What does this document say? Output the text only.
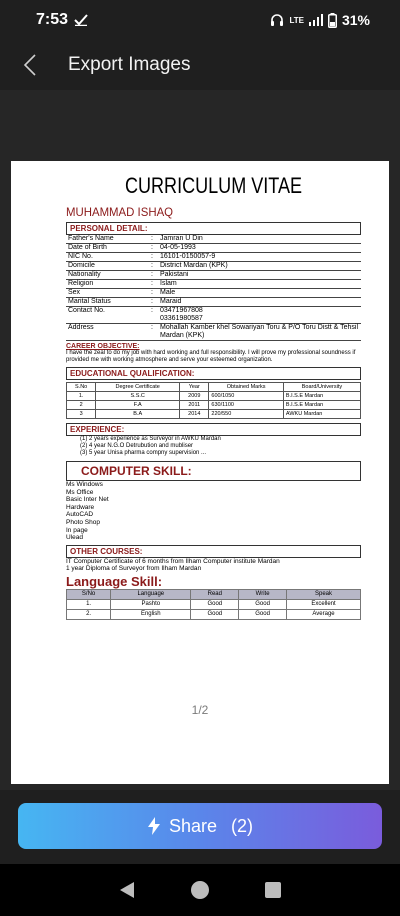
7:53	LTE	31%
Export Images
CURRICULUM VITAE
MUHAMMAD ISHAQ
PERSONAL DETAIL:
Father's Name	:	Jamran U Din
Date of Birth	:	04-05-1993
NIC No.	:	16101-0150057-9
Domicile	:	District Mardan (KPK)
Nationality	:	Pakistani
Religion	:	Islam
Sex	:	Male
Marital Status	:	Maraid
Contact No.	:	03471967808
03361980587
Address	:	Mohallah Kamber khel Sowariyan Toru & P/O Toru Distt & Tehsil Mardan (KPK)
CAREER OBJECTIVE:
I have the zeal to do my job with hard working and full responsibility. I will prove my professional soundness if provided me with working atmosphere and serve your esteemed organization.
EDUCATIONAL QUALIFICATION:
S.No	Degree Certificate	Year	Obtained Marks	Board/University
1.	S.S.C	2009	600/1050	B.I.S.E Mardan
2	F.A	2011	630/1100	B.I.S.E Mardan
3	B.A	2014	220/550	AWKU Mardan
EXPERIENCE:
(1) 2 years experience as Surveyor in AWKU Mardan
(2) 4 year N.G.O Detrubution and mubliser
(3) 5 year Unisa pharma compny supervision ...
COMPUTER SKILL:
Ms Windows
Ms Office
Basic Inter Net
Hardware
AutoCAD
Photo Shop
In page
Ulead
OTHER COURSES:
IT Computer Certificate of 6 months from Ilham Computer institute Mardan
1 year Diploma of Surveyor from Ilham Mardan
Language Skill:
S/No	Language	Read	Write	Speak
1.	Pashto	Good	Good	Excellent
2.	English	Good	Good	Average
1/2
Share (2)
